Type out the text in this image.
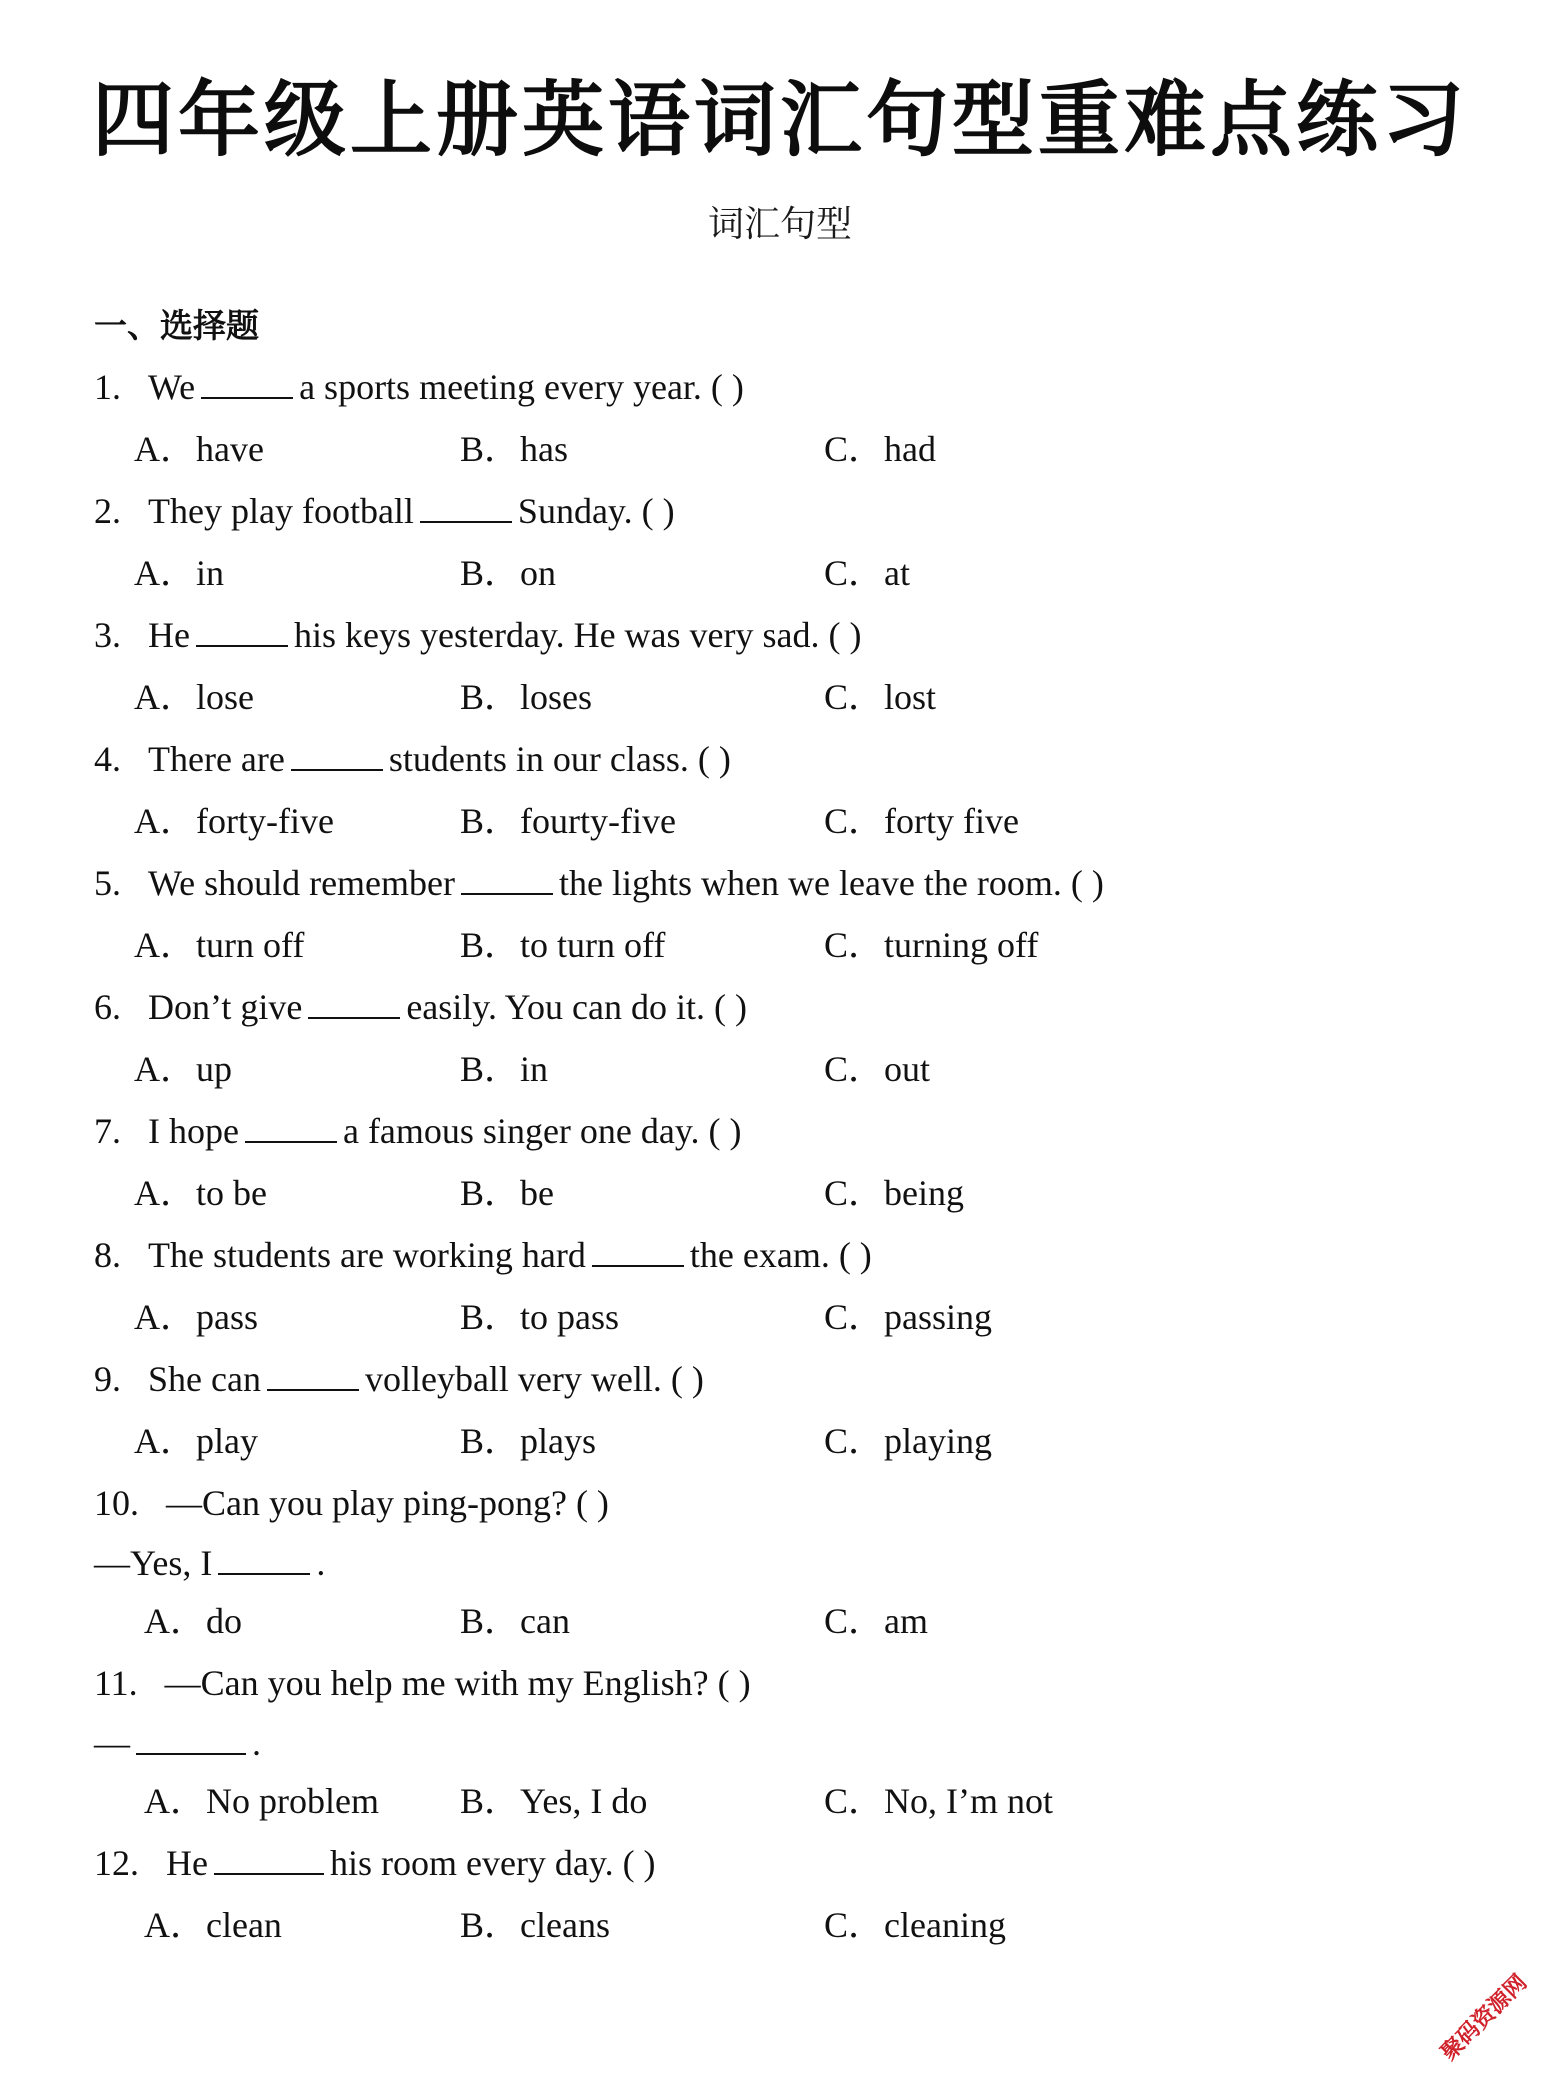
四年级上册英语词汇句型重难点练习
词汇句型
一、选择题
1. We	a sports meeting every year. ( )
A．have	B．has	C．had
2. They play football	Sunday. ( )
A．in	B．on	C．at
3. He	his keys yesterday. He was very sad. ( )
A．lose	B．loses	C．lost
4. There are	students in our class. ( )
A．forty-five	B．fourty-five	C．forty five
5. We should remember	the lights when we leave the room. ( )
A．turn off	B．to turn off	C．turning off
6. Don’t give	easily. You can do it. ( )
A．up	B．in	C．out
7. I hope	a famous singer one day. ( )
A．to be	B．be	C．being
8. The students are working hard	the exam. ( )
A．pass	B．to pass	C．passing
9. She can	volleyball very well. ( )
A．play	B．plays	C．playing
10. —Can you play ping-pong? ( )
—Yes, I	.
A．do	B．can	C．am
11. —Can you help me with my English? ( )
—	.
A．No problem B．Yes, I do	C．No, I’m not
12. He	his room every day. ( )
A．clean	B．cleans	C．cleaning
聚码资源网
